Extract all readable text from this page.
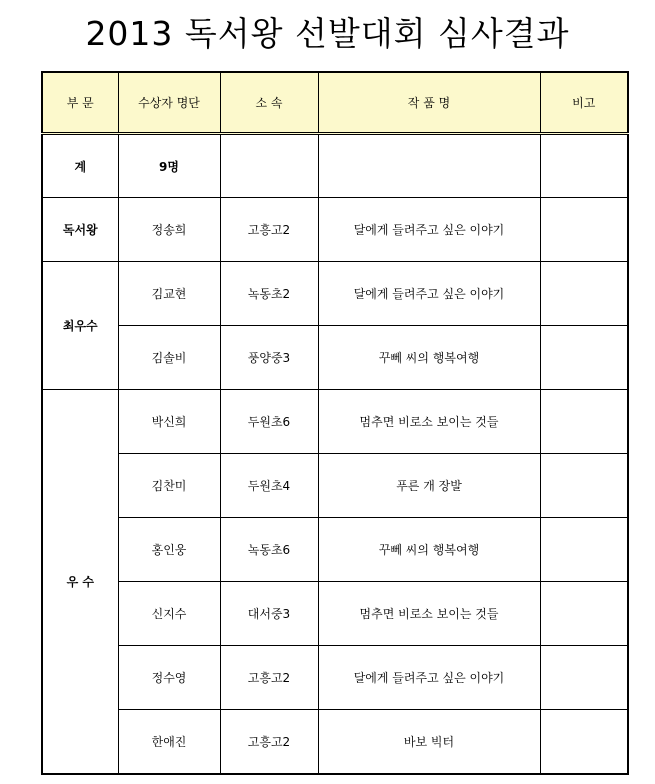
2013 독서왕 선발대회 심사결과
부 문	수상자 명단	소 속	작 품 명	비고
계	9명			
독서왕	정송희	고흥고2	달에게 들려주고 싶은 이야기	
최우수	김교현	녹동초2	달에게 들려주고 싶은 이야기	
	김솔비	풍양중3	꾸뻬 씨의 행복여행	
우 수	박신희	두원초6	멈추면 비로소 보이는 것들	
	김찬미	두원초4	푸른 개 장발	
	홍인웅	녹동초6	꾸뻬 씨의 행복여행	
	신지수	대서중3	멈추면 비로소 보이는 것들	
	정수영	고흥고2	달에게 들려주고 싶은 이야기	
	한애진	고흥고2	바보 빅터	
